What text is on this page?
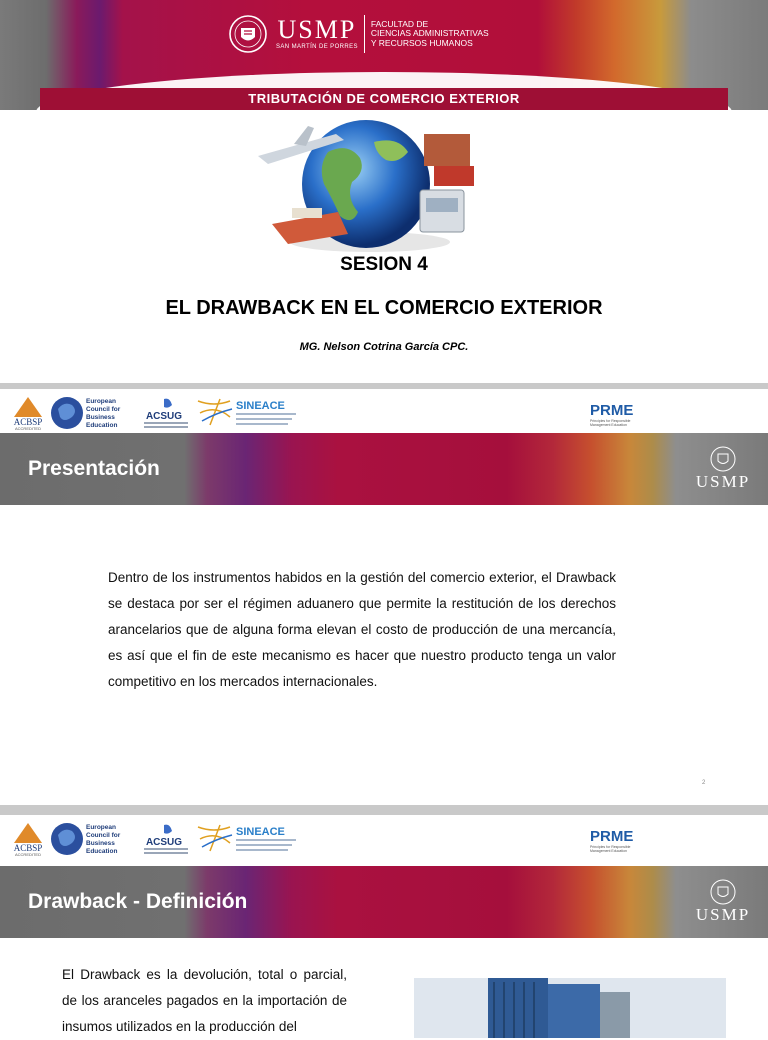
USMP
SAN MARTÍN DE PORRES
FACULTAD DE
CIENCIAS ADMINISTRATIVAS
Y RECURSOS HUMANOS
TRIBUTACIÓN DE COMERCIO EXTERIOR
SESION 4
EL DRAWBACK EN EL COMERCIO EXTERIOR
MG. Nelson Cotrina García CPC.
ACBSP
ACCREDITED
European
Council for
Business
Education
ACSUG
SINEACE	PRME
Principles for Responsible
Management Education
Presentación
USMP

Dentro de los instrumentos habidos en la gestión del comercio exterior, el Drawback se destaca por ser el régimen aduanero que permite la restitución de los derechos arancelarios que de alguna forma elevan el costo de producción de una mercancía, es así que el fin de este mecanismo es hacer que nuestro producto tenga un valor competitivo en los mercados internacionales.

2
ACBSP
ACCREDITED
European
Council for
Business
Education
ACSUG
SINEACE	PRME
Principles for Responsible
Management Education
Drawback - Definición
USMP

El Drawback es la devolución, total o parcial, de los aranceles pagados en la importación de insumos utilizados en la producción del
